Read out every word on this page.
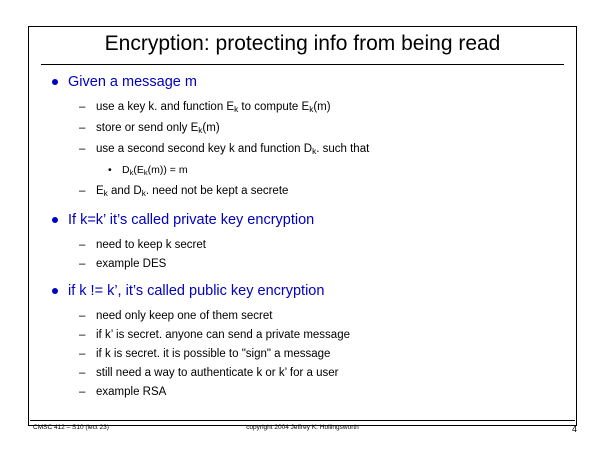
Encryption: protecting info from being read
Given a message m
– use a key k. and function $E_k$ to compute $E_k(m)$
– store or send only $E_k(m)$
– use a second second key k and function $D_k$. such that
• $D_k(E_k(m)) = m$
– $E_k$ and $D_k$. need not be kept a secrete
If k=k’ it’s called private key encryption
– need to keep k secret
– example DES
if k != k’, it’s called public key encryption
– need only keep one of them secret
– if k’ is secret. anyone can send a private message
– if k is secret. it is possible to "sign" a message
– still need a way to authenticate k or k’ for a user
– example RSA
CMSC 412 – S10 (lect 23)	copyright 2004 Jeffrey K. Hollingsworth	4
